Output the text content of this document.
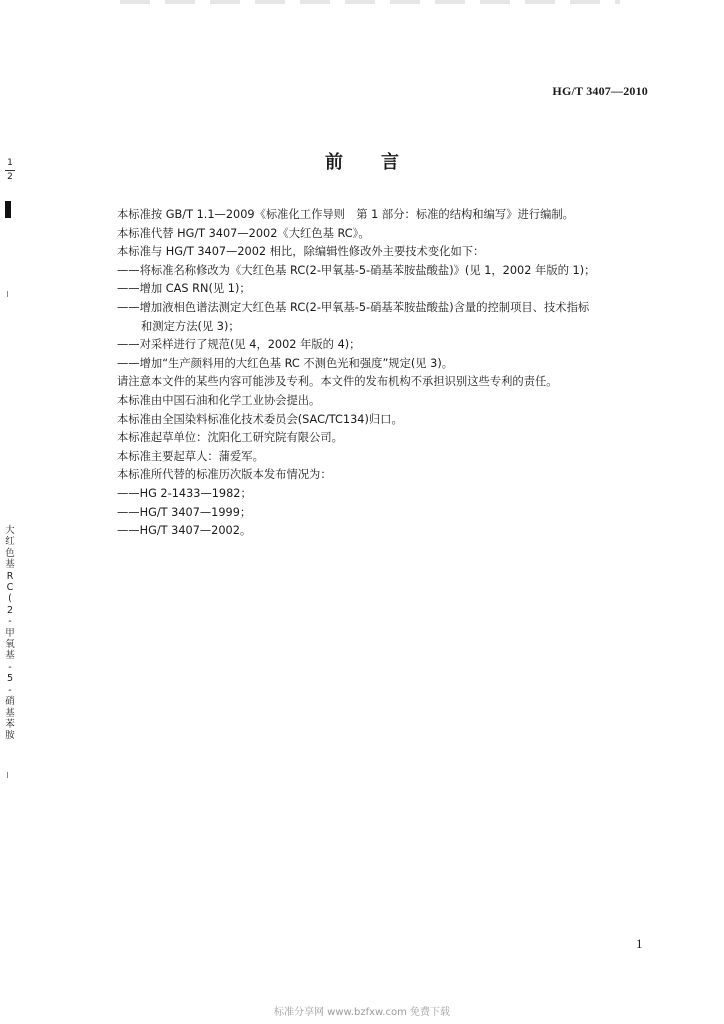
HG/T 3407—2010
前 言
1
2
大
红
色
基
R
C
(
2
-
甲
氧
基
-
5
-
硝
基
苯
胺
本标准按 GB/T 1.1—2009《标准化工作导则　第 1 部分：标准的结构和编写》进行编制。
本标准代替 HG/T 3407—2002《大红色基 RC》。
本标准与 HG/T 3407—2002 相比，除编辑性修改外主要技术变化如下：
——将标准名称修改为《大红色基 RC(2-甲氧基-5-硝基苯胺盐酸盐)》(见 1，2002 年版的 1)；
——增加 CAS RN(见 1)；
——增加液相色谱法测定大红色基 RC(2-甲氧基-5-硝基苯胺盐酸盐)含量的控制项目、技术指标
和测定方法(见 3)；
——对采样进行了规范(见 4，2002 年版的 4)；
——增加“生产颜料用的大红色基 RC 不测色光和强度”规定(见 3)。
请注意本文件的某些内容可能涉及专利。本文件的发布机构不承担识别这些专利的责任。
本标准由中国石油和化学工业协会提出。
本标准由全国染料标准化技术委员会(SAC/TC134)归口。
本标准起草单位：沈阳化工研究院有限公司。
本标准主要起草人：蒲爱军。
本标准所代替的标准历次版本发布情况为：
——HG 2-1433—1982；
——HG/T 3407—1999；
——HG/T 3407—2002。
1
标准分享网 www.bzfxw.com 免费下载
